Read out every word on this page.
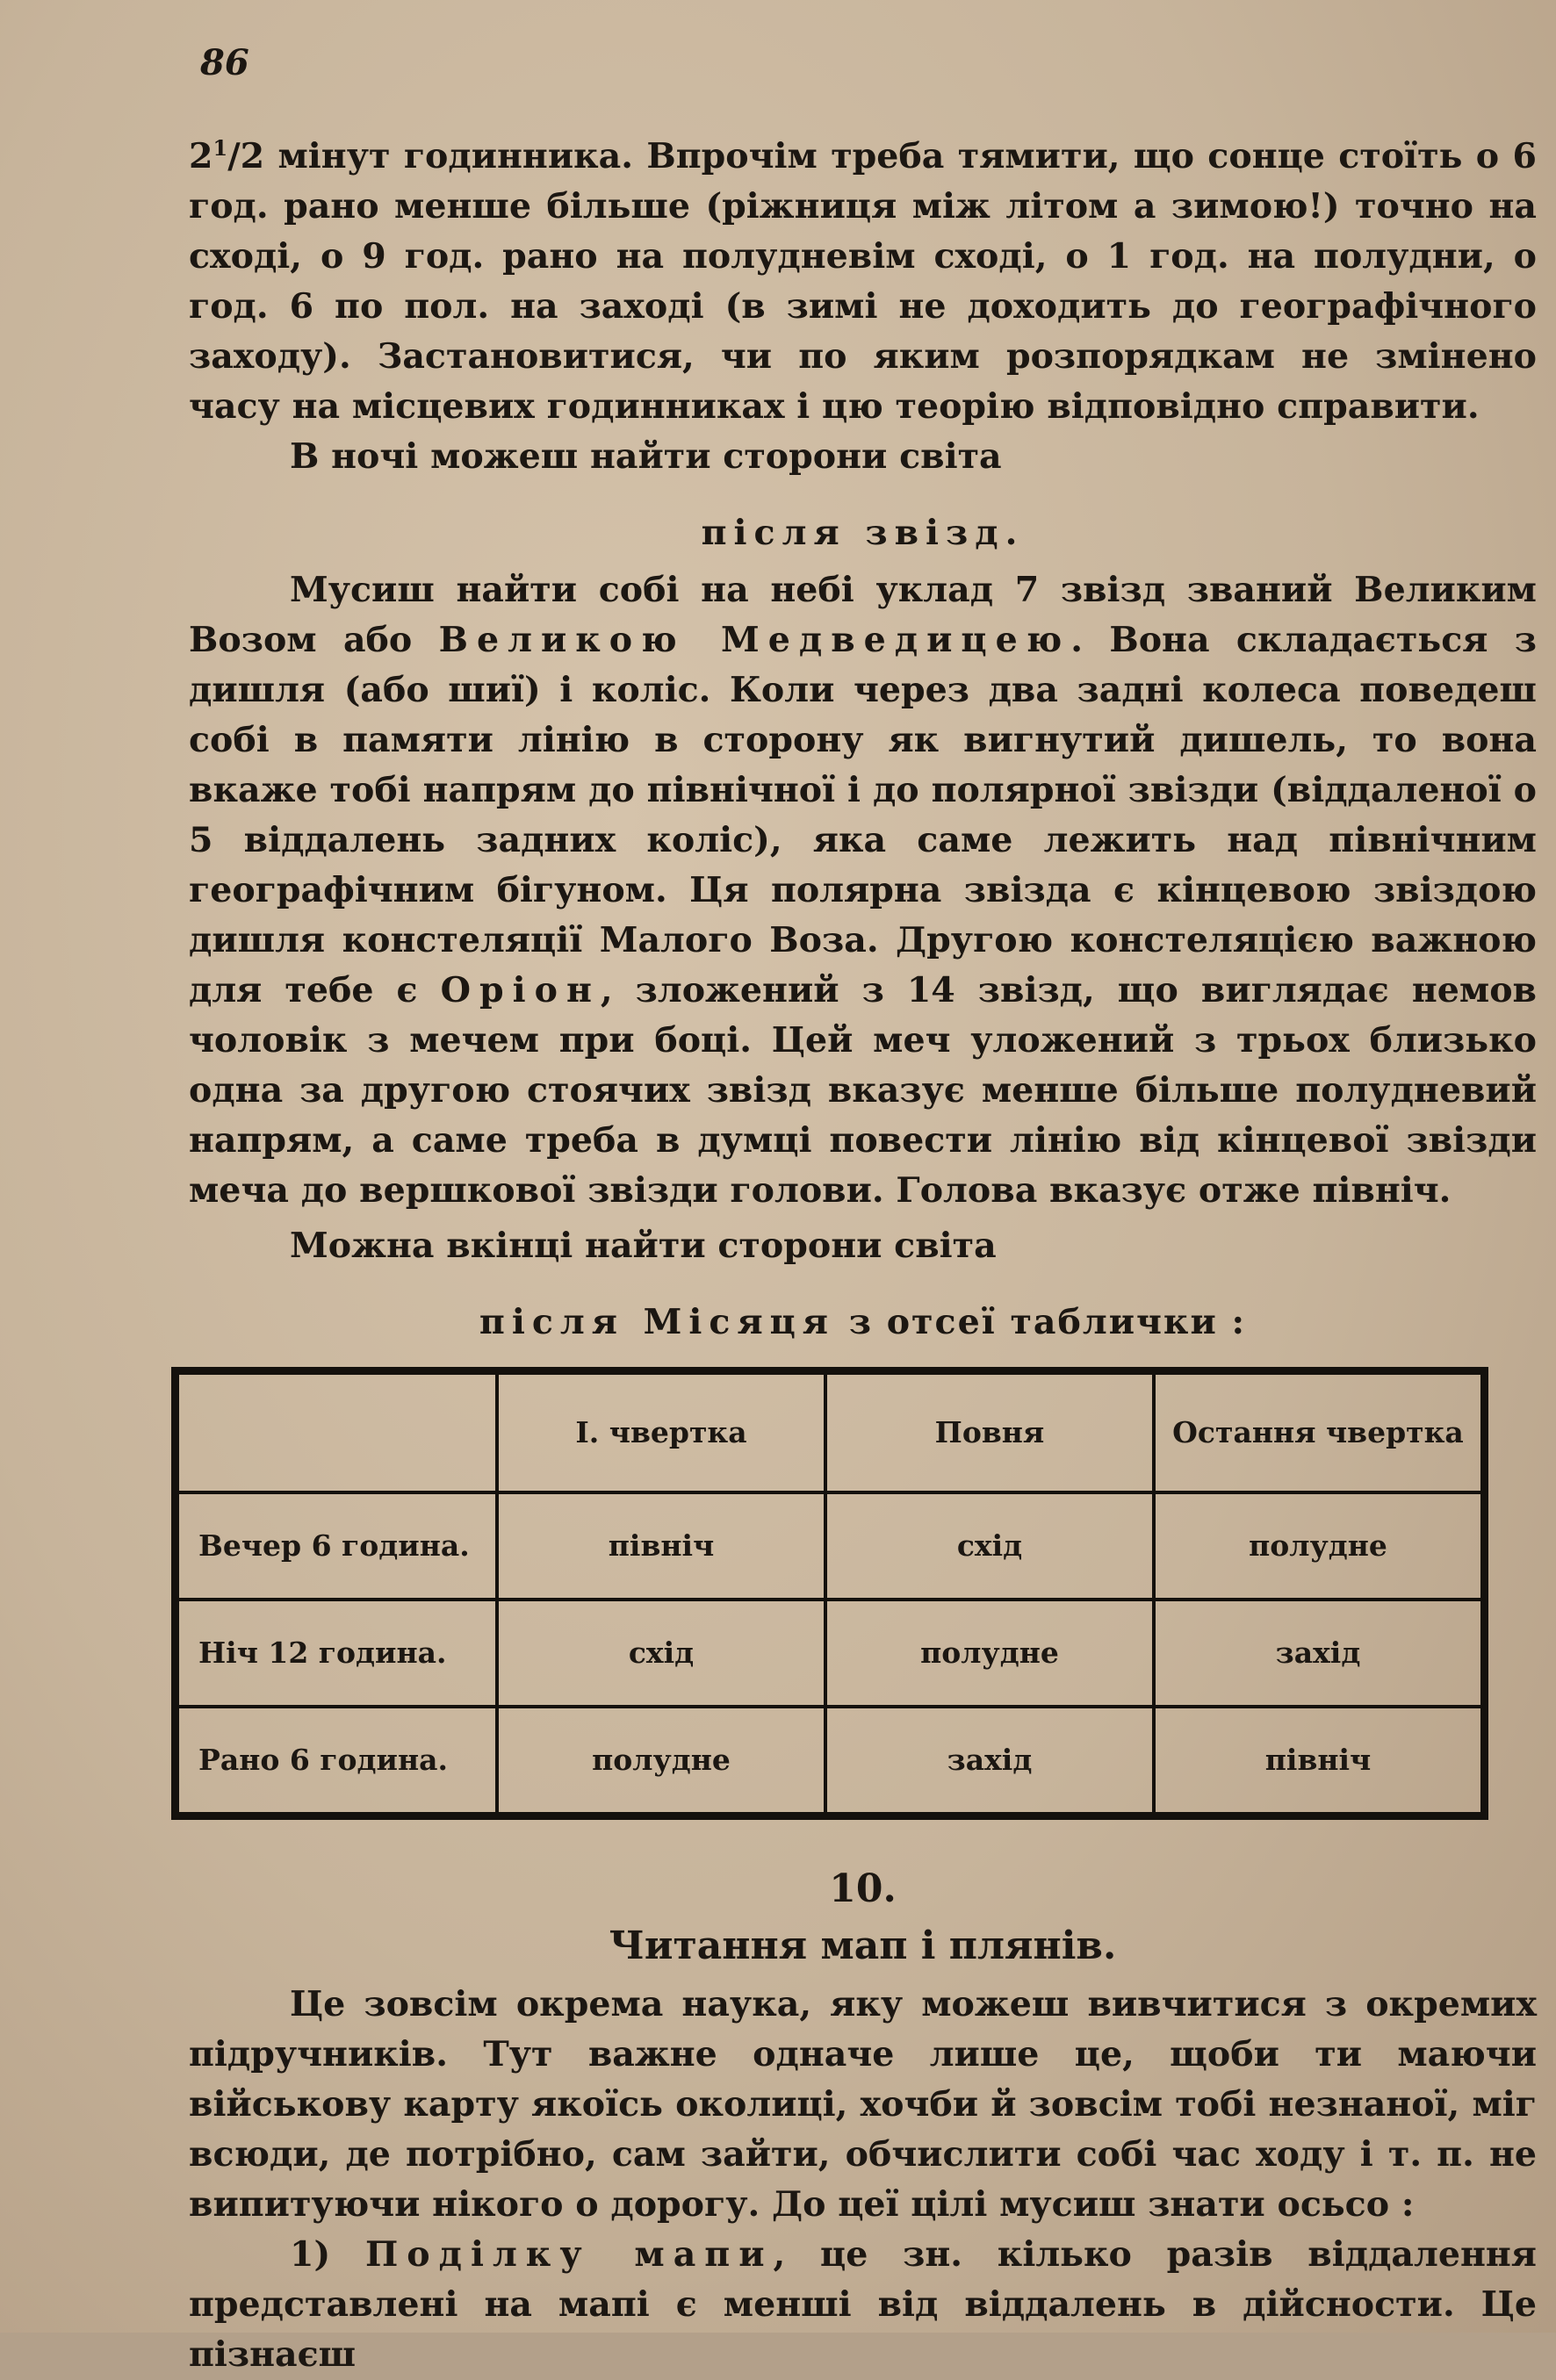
86

$2^1/2$ мінут годинника. Впрочім треба тямити, що сонце стоїть о 6 год. рано менше більше (ріжниця між літом а зимою!) точно на сході, о 9 год. рано на полудневім сході, о 1 год. на полудни, о год. 6 по пол. на заході (в зимі не доходить до географічного заходу). Застановитися, чи по яким розпорядкам не змінено часу на місцевих годинниках і цю теорію відповідно справити.

В ночі можеш найти сторони світа

після звізд.

Мусиш найти собі на небі уклад 7 звізд званий Великим Возом або Великою Медведицею. Вона складається з дишля (або шиї) і коліс. Коли через два задні колеса поведеш собі в памяти лінію в сторону як вигнутий дишель, то вона вкаже тобі напрям до північної і до полярної звізди (віддаленої о 5 віддалень задних коліс), яка саме лежить над північним географічним бігуном. Ця полярна звізда є кінцевою звіздою дишля констеляції Малого Воза. Другою констеляцією важною для тебе є Оріон, зложений з 14 звізд, що виглядає немов чоловік з мечем при боці. Цей меч уложений з трьох близько одна за другою стоячих звізд вказує менше більше полудневий напрям, а саме треба в думці повести лінію від кінцевої звізди меча до вершкової звізди голови. Голова вказує отже північ.

Можна вкінці найти сторони світа

після Місяця з отсеї таблички :

	І. чвертка	Повня	Остання чвертка
Вечер 6 година.	північ	схід	полудне
Ніч 12 година.	схід	полудне	захід
Рано 6 година.	полудне	захід	північ

10.

Читання мап і плянів.

Це зовсім окрема наука, яку можеш вивчитися з окремих підручників. Тут важне одначе лише це, щоби ти маючи військову карту якоїсь околиці, хочби й зовсім тобі незнаної, міг всюди, де потрібно, сам зайти, обчислити собі час ходу і т. п. не випитуючи нікого о дорогу. До цеї цілі мусиш знати осьсо :

1) Поділку мапи, це зн. кілько разів віддалення представлені на мапі є менші від віддалень в дійсности. Це пізнаєш
